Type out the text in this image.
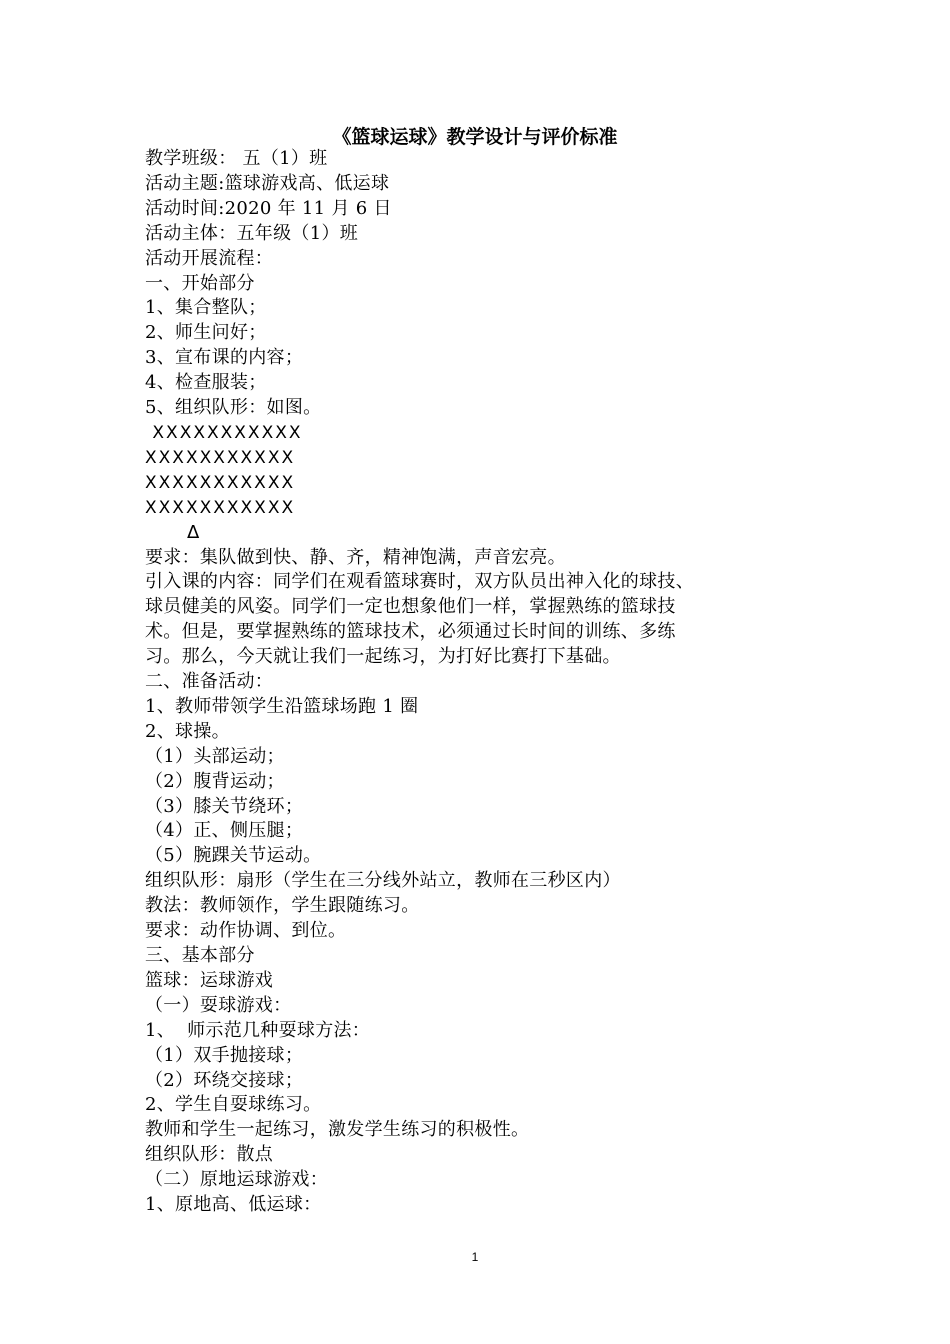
《篮球运球》教学设计与评价标准
教学班级： 五（1）班
活动主题:篮球游戏高、低运球
活动时间:2020 年 11 月 6 日
活动主体：五年级（1）班
活动开展流程：
一、开始部分
1、集合整队；
2、师生问好；
3、宣布课的内容；
4、检查服装；
5、组织队形：如图。
XXXXXXXXXXX
XXXXXXXXXXX
XXXXXXXXXXX
XXXXXXXXXXX
Δ
要求：集队做到快、静、齐，精神饱满，声音宏亮。
引入课的内容：同学们在观看篮球赛时，双方队员出神入化的球技、
球员健美的风姿。同学们一定也想象他们一样，掌握熟练的篮球技
术。但是，要掌握熟练的篮球技术，必须通过长时间的训练、多练
习。那么，今天就让我们一起练习，为打好比赛打下基础。
二、准备活动：
1、教师带领学生沿篮球场跑 1 圈
2、球操。
（1）头部运动；
（2）腹背运动；
（3）膝关节绕环；
（4）正、侧压腿；
（5）腕踝关节运动。
组织队形：扇形（学生在三分线外站立，教师在三秒区内）
教法：教师领作，学生跟随练习。
要求：动作协调、到位。
三、基本部分
篮球：运球游戏
（一）耍球游戏：
1、  师示范几种耍球方法：
（1）双手抛接球；
（2）环绕交接球；
2、学生自耍球练习。
教师和学生一起练习，激发学生练习的积极性。
组织队形：散点
（二）原地运球游戏：
1、原地高、低运球：
1
